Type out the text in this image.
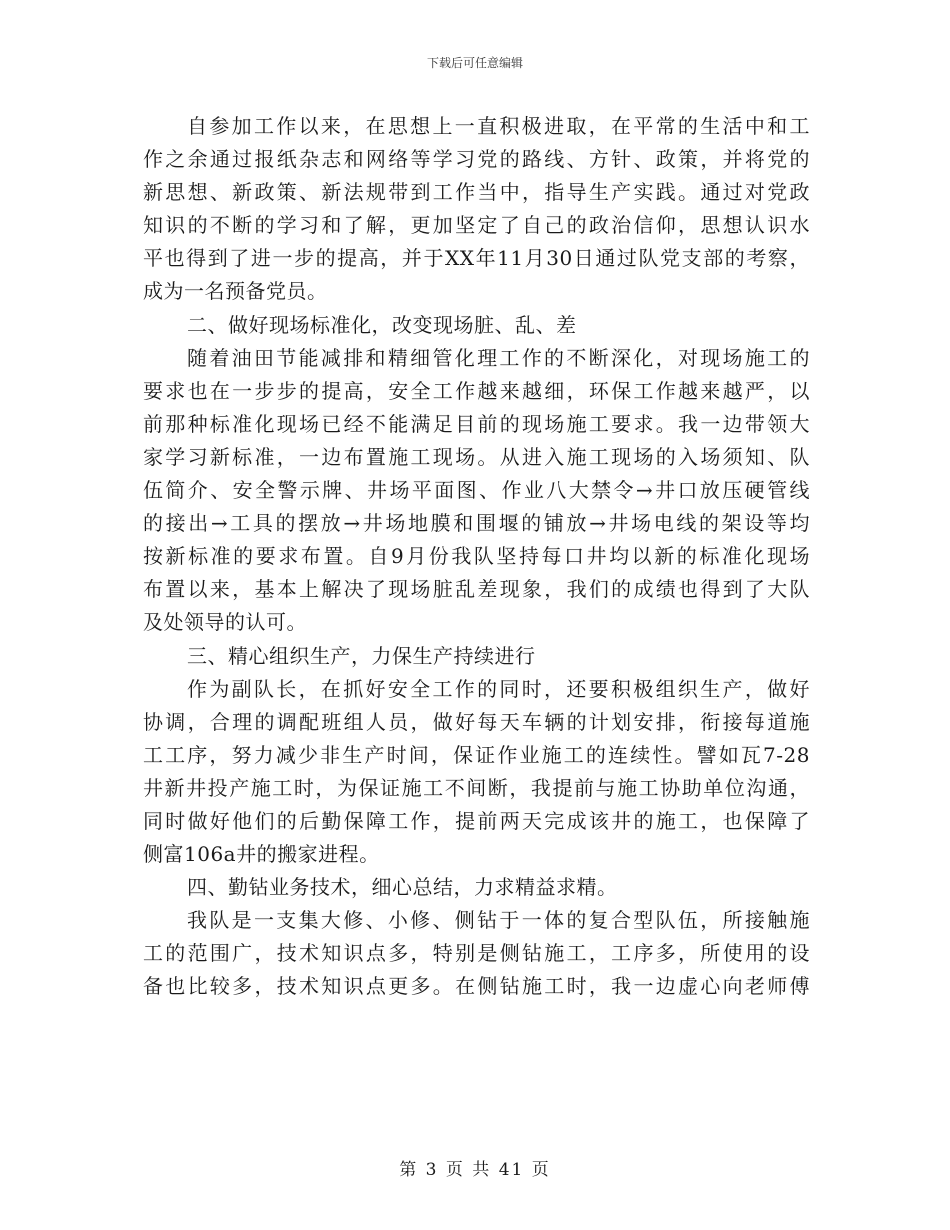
下载后可任意编辑
自参加工作以来，在思想上一直积极进取，在平常的生活中和工
作之余通过报纸杂志和网络等学习党的路线、方针、政策，并将党的
新思想、新政策、新法规带到工作当中，指导生产实践。通过对党政
知识的不断的学习和了解，更加坚定了自己的政治信仰，思想认识水
平也得到了进一步的提高，并于XX年11月30日通过队党支部的考察，
成为一名预备党员。
二、做好现场标准化，改变现场脏、乱、差
随着油田节能减排和精细管化理工作的不断深化，对现场施工的
要求也在一步步的提高，安全工作越来越细，环保工作越来越严，以
前那种标准化现场已经不能满足目前的现场施工要求。我一边带领大
家学习新标准，一边布置施工现场。从进入施工现场的入场须知、队
伍简介、安全警示牌、井场平面图、作业八大禁令→井口放压硬管线
的接出→工具的摆放→井场地膜和围堰的铺放→井场电线的架设等均
按新标准的要求布置。自9月份我队坚持每口井均以新的标准化现场
布置以来，基本上解决了现场脏乱差现象，我们的成绩也得到了大队
及处领导的认可。
三、精心组织生产，力保生产持续进行
作为副队长，在抓好安全工作的同时，还要积极组织生产，做好
协调，合理的调配班组人员，做好每天车辆的计划安排，衔接每道施
工工序，努力减少非生产时间，保证作业施工的连续性。譬如瓦7-28
井新井投产施工时，为保证施工不间断，我提前与施工协助单位沟通，
同时做好他们的后勤保障工作，提前两天完成该井的施工，也保障了
侧富106a井的搬家进程。
四、勤钻业务技术，细心总结，力求精益求精。
我队是一支集大修、小修、侧钻于一体的复合型队伍，所接触施
工的范围广，技术知识点多，特别是侧钻施工，工序多，所使用的设
备也比较多，技术知识点更多。在侧钻施工时，我一边虚心向老师傅
第 3 页 共 41 页
